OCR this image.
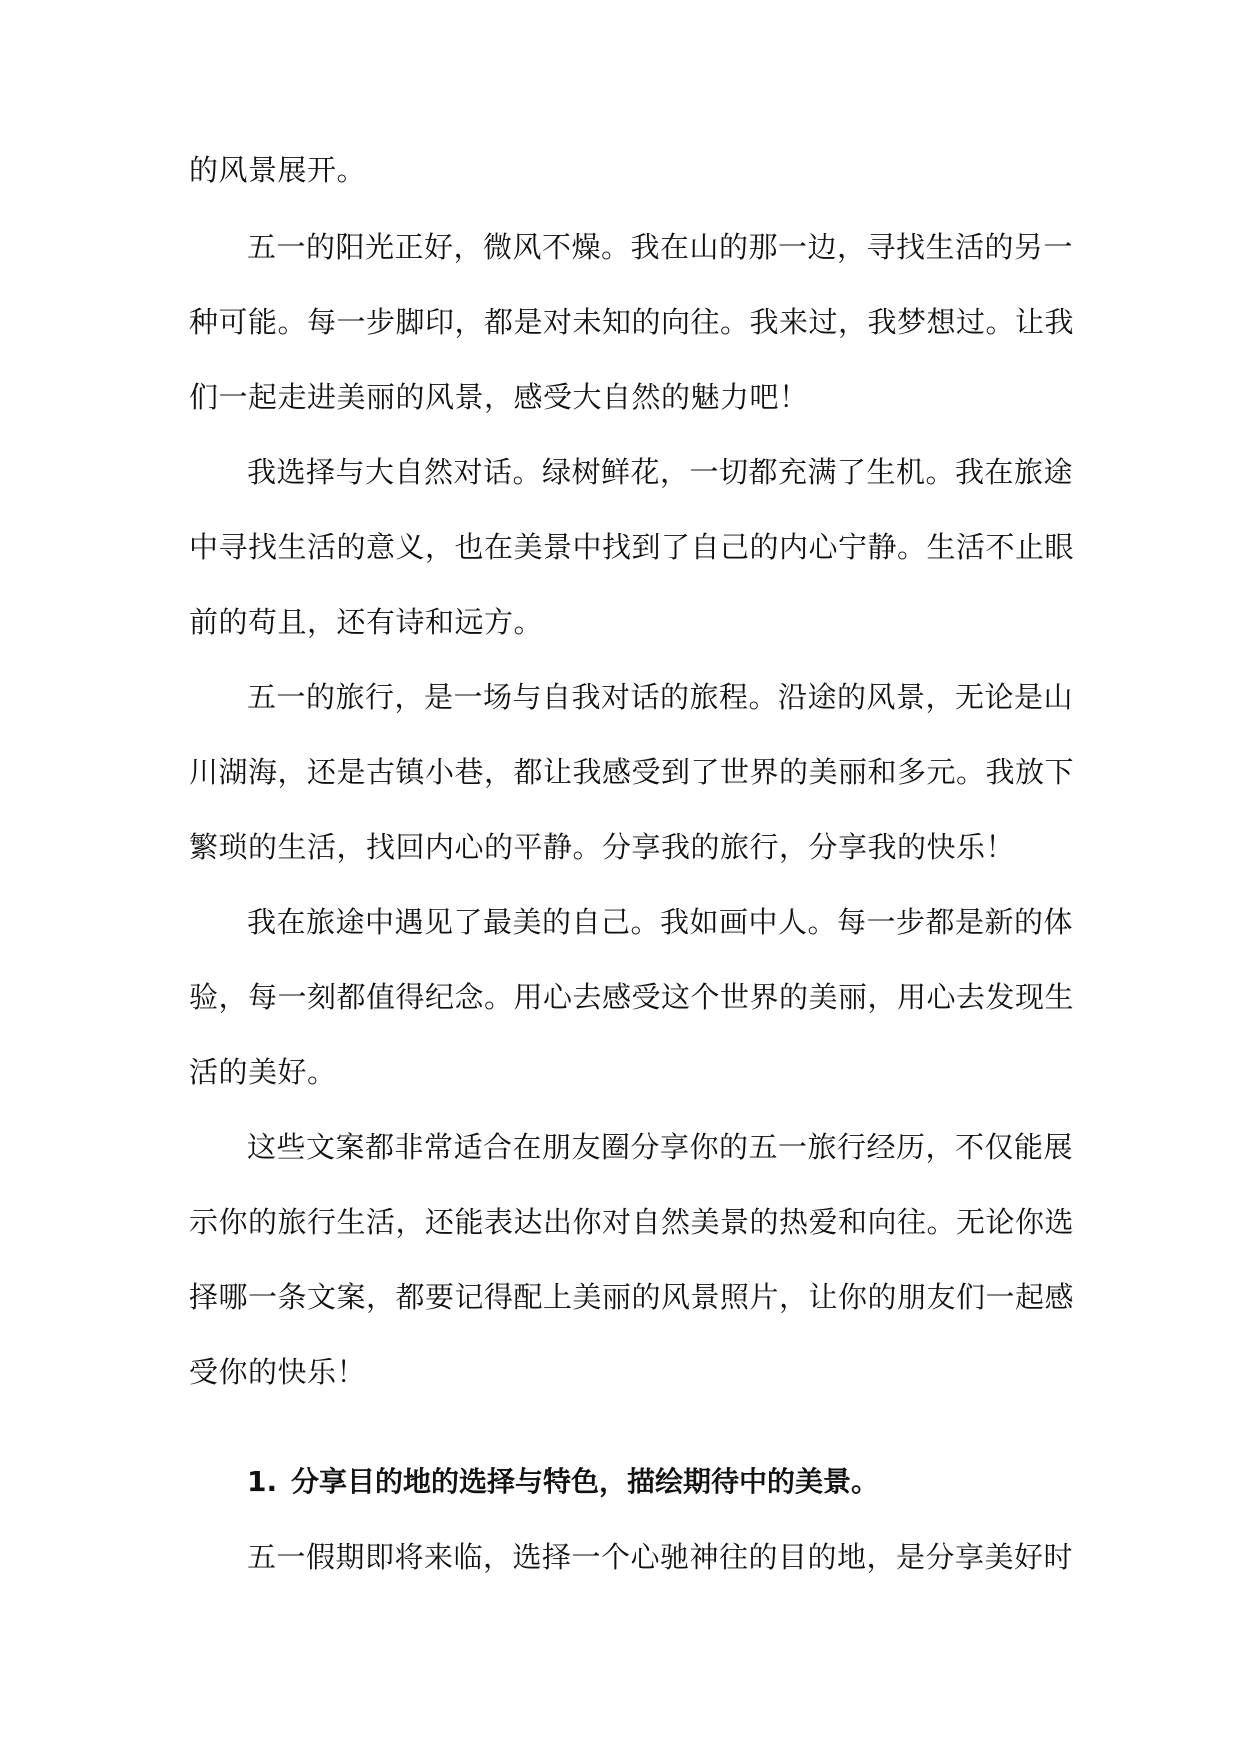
的风景展开。

五一的阳光正好，微风不燥。我在山的那一边，寻找生活的另一

种可能。每一步脚印，都是对未知的向往。我来过，我梦想过。让我

们一起走进美丽的风景，感受大自然的魅力吧！

我选择与大自然对话。绿树鲜花，一切都充满了生机。我在旅途

中寻找生活的意义，也在美景中找到了自己的内心宁静。生活不止眼

前的苟且，还有诗和远方。

五一的旅行，是一场与自我对话的旅程。沿途的风景，无论是山

川湖海，还是古镇小巷，都让我感受到了世界的美丽和多元。我放下

繁琐的生活，找回内心的平静。分享我的旅行，分享我的快乐！

我在旅途中遇见了最美的自己。我如画中人。每一步都是新的体

验，每一刻都值得纪念。用心去感受这个世界的美丽，用心去发现生

活的美好。

这些文案都非常适合在朋友圈分享你的五一旅行经历，不仅能展

示你的旅行生活，还能表达出你对自然美景的热爱和向往。无论你选

择哪一条文案，都要记得配上美丽的风景照片，让你的朋友们一起感

受你的快乐！

1. 分享目的地的选择与特色，描绘期待中的美景。

五一假期即将来临，选择一个心驰神往的目的地，是分享美好时
